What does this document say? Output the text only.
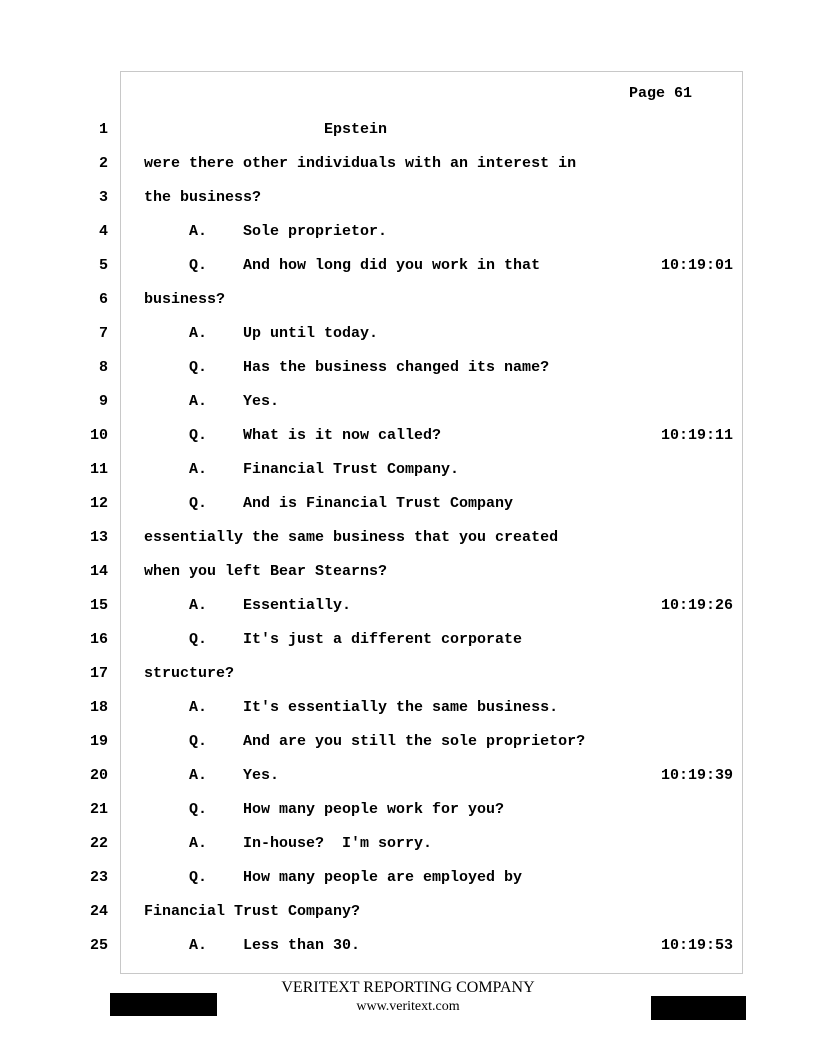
Page 61
1 Epstein
2 were there other individuals with an interest in
3 the business?
4 A.    Sole proprietor.
5 Q.    And how long did you work in that	10:19:01
6 business?
7 A.    Up until today.
8 Q.    Has the business changed its name?
9 A.    Yes.
10 Q.    What is it now called?	10:19:11
11 A.    Financial Trust Company.
12 Q.    And is Financial Trust Company
13 essentially the same business that you created
14 when you left Bear Stearns?
15 A.    Essentially.	10:19:26
16 Q.    It's just a different corporate
17 structure?
18 A.    It's essentially the same business.
19 Q.    And are you still the sole proprietor?
20 A.    Yes.	10:19:39
21 Q.    How many people work for you?
22 A.    In-house?  I'm sorry.
23 Q.    How many people are employed by
24 Financial Trust Company?
25 A.    Less than 30.	10:19:53
VERITEXT REPORTING COMPANY
www.veritext.com
